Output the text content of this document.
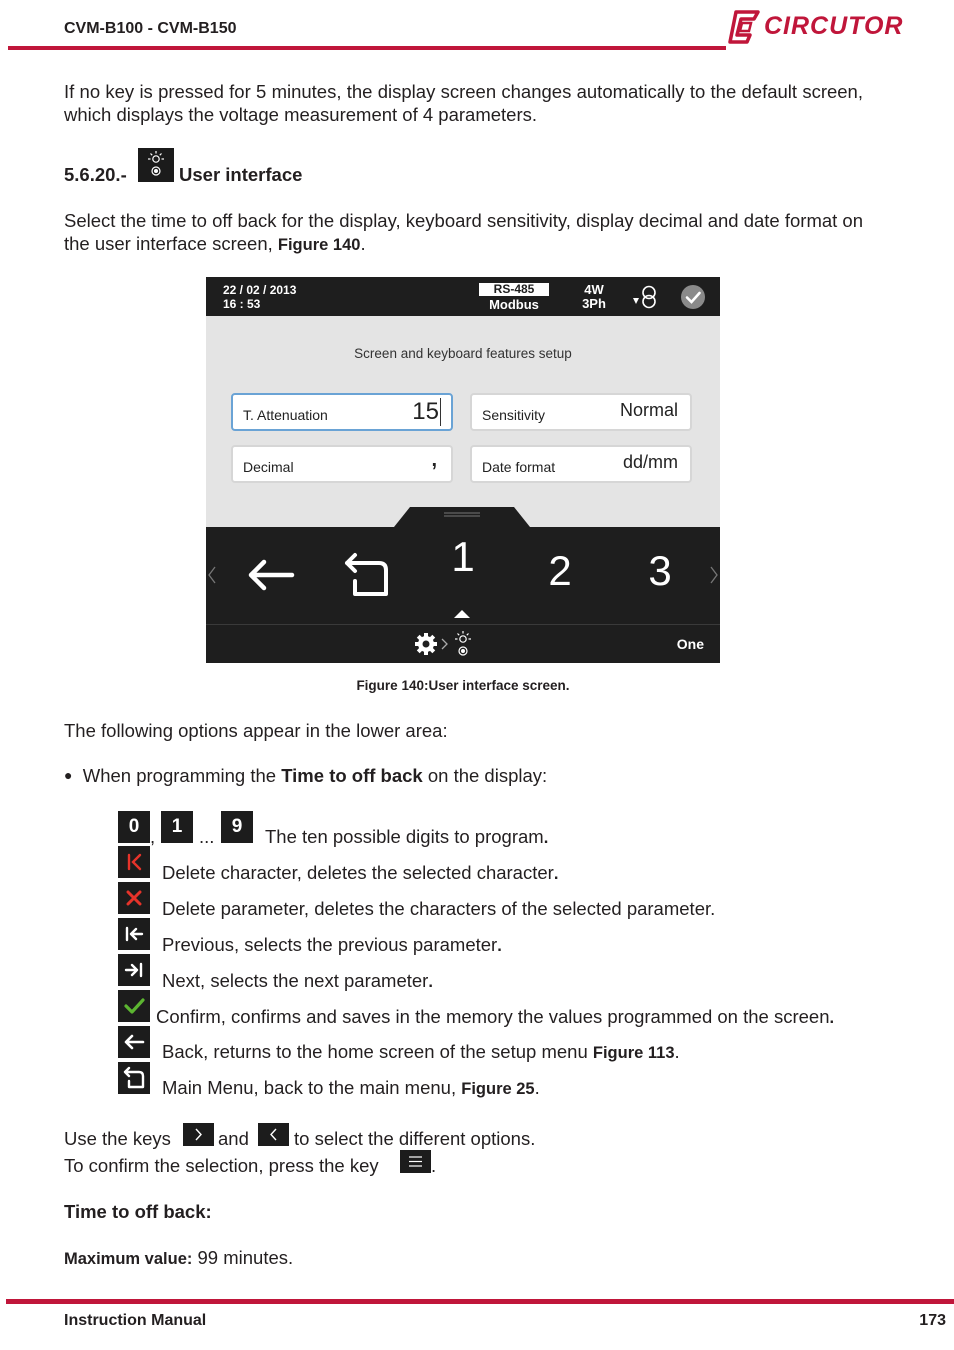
CVM-B100 - CVM-B150	CIRCUTOR
If no key is pressed for 5 minutes, the display screen changes automatically to the default screen, which displays the voltage measurement of 4 parameters.
5.6.20.-	User interface
Select the time to off back for the display, keyboard sensitivity, display decimal and date format on the user interface screen, Figure 140.
22 / 02 / 2013
16 : 53
RS-485
Modbus
4W
3Ph
Screen and keyboard features setup
T. Attenuation	15	Sensitivity	Normal
Decimal	,	Date format	dd/mm
1	2	3
One
Figure 140:User interface screen.
The following options appear in the lower area:
● When programming the Time to off back on the display:
0 , 1 ... 9	The ten possible digits to program.
Delete character, deletes the selected character.
Delete parameter, deletes the characters of the selected parameter.
Previous, selects the previous parameter.
Next, selects the next parameter.
Confirm, confirms and saves in the memory the values programmed on the screen.
Back, returns to the home screen of the setup menu Figure 113.
Main Menu, back to the main menu, Figure 25.
Use the keys	and to select the different options.
To confirm the selection, press the key	.
Time to off back:
Maximum value: 99 minutes.
Instruction Manual	173
